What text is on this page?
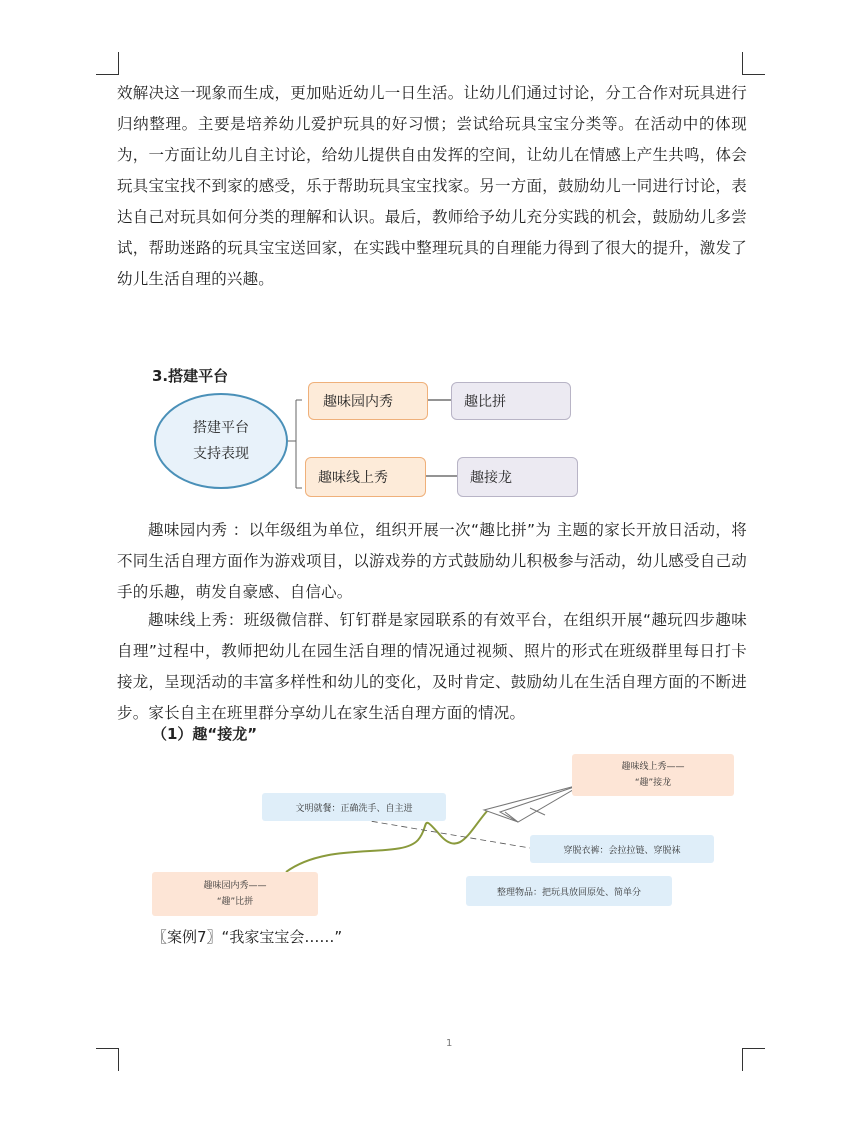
效解决这一现象而生成，更加贴近幼儿一日生活。让幼儿们通过讨论，分工合作对玩具进行归纳整理。主要是培养幼儿爱护玩具的好习惯；尝试给玩具宝宝分类等。在活动中的体现为，一方面让幼儿自主讨论，给幼儿提供自由发挥的空间，让幼儿在情感上产生共鸣，体会玩具宝宝找不到家的感受，乐于帮助玩具宝宝找家。另一方面，鼓励幼儿一同进行讨论，表达自己对玩具如何分类的理解和认识。最后，教师给予幼儿充分实践的机会，鼓励幼儿多尝试，帮助迷路的玩具宝宝送回家，在实践中整理玩具的自理能力得到了很大的提升，激发了幼儿生活自理的兴趣。

3.搭建平台
搭建平台
支持表现
趣味园内秀	趣比拼
趣味线上秀	趣接龙

趣味园内秀 ：以年级组为单位，组织开展一次“趣比拼”为 主题的家长开放日活动，将不同生活自理方面作为游戏项目，以游戏券的方式鼓励幼儿积极参与活动，幼儿感受自己动手的乐趣，萌发自豪感、自信心。

趣味线上秀：班级微信群、钉钉群是家园联系的有效平台，在组织开展“趣玩四步趣味自理”过程中，教师把幼儿在园生活自理的情况通过视频、照片的形式在班级群里每日打卡接龙，呈现活动的丰富多样性和幼儿的变化，及时肯定、鼓励幼儿在生活自理方面的不断进步。家长自主在班里群分享幼儿在家生活自理方面的情况。

（1）趣“接龙”
趣味线上秀——
“趣”接龙
文明就餐：正确洗手、自主进
穿脱衣裤：会拉拉链、穿脱袜
趣味园内秀——
“趣”比拼
整理物品：把玩具放回原处、简单分
〖案例7〗“我家宝宝会……”
1
